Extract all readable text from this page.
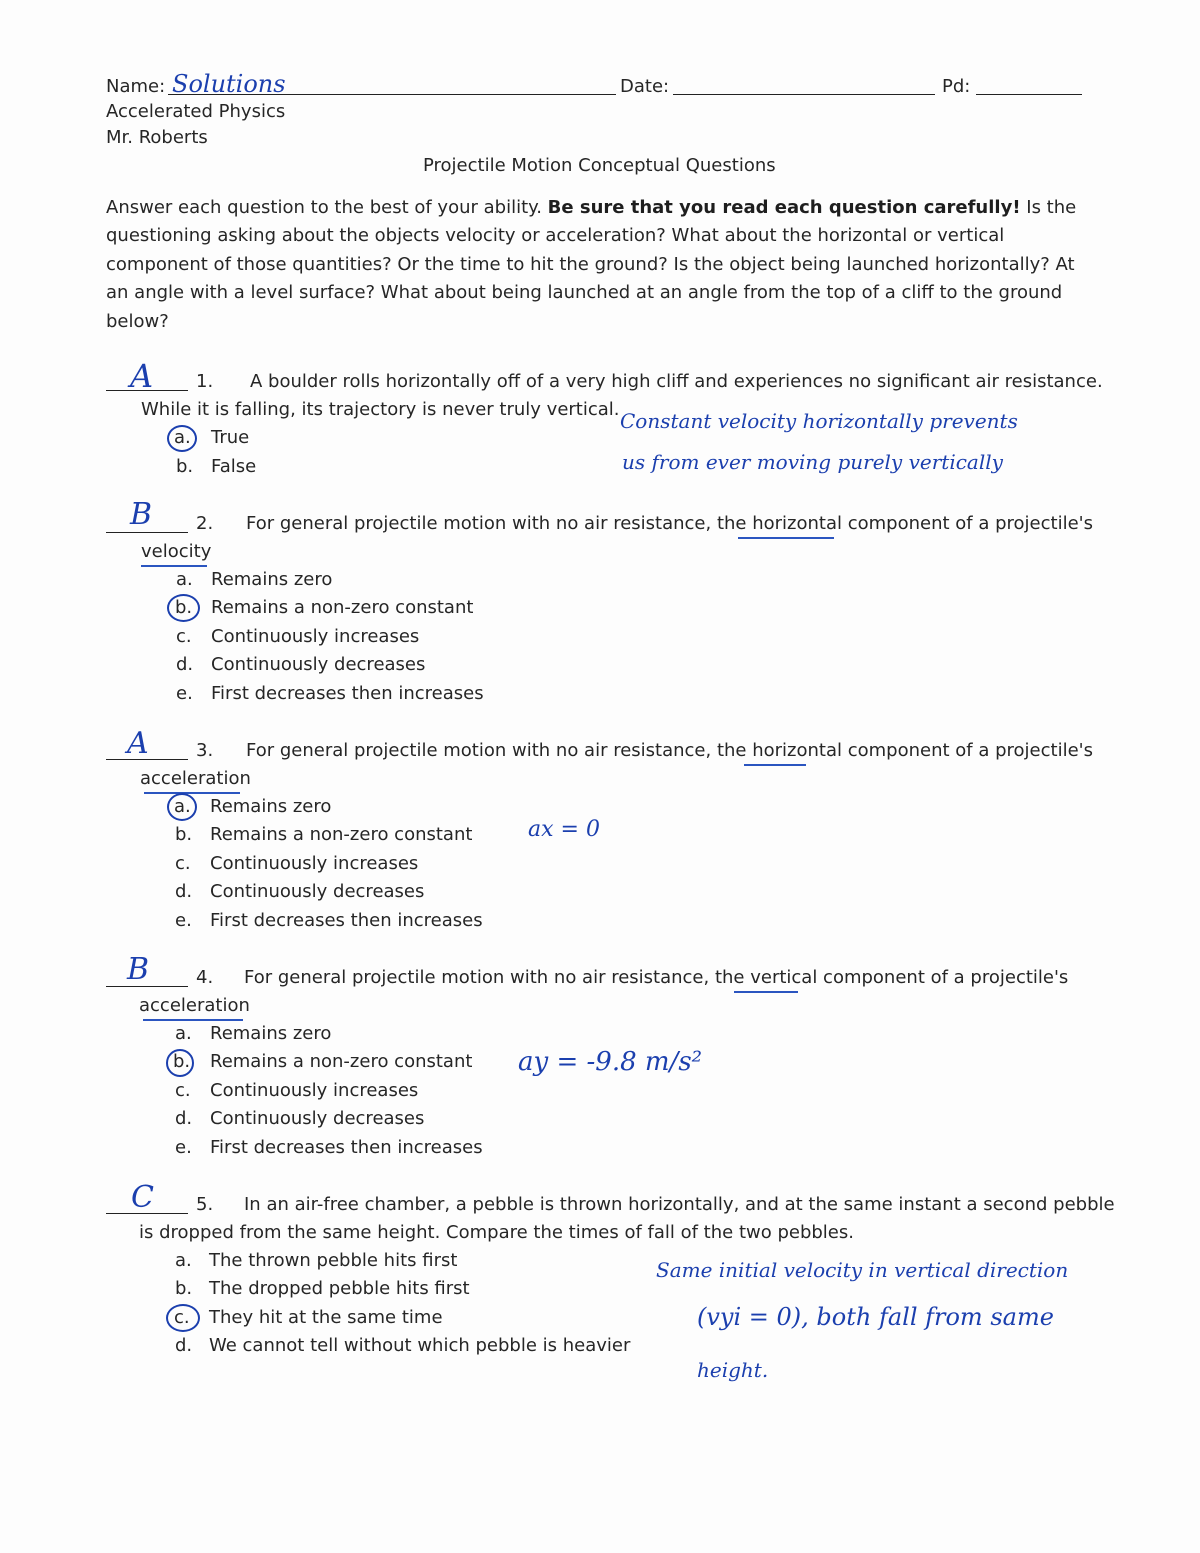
Name: Solutions	Date:	Pd:
Accelerated Physics
Mr. Roberts
Projectile Motion Conceptual Questions
Answer each question to the best of your ability. Be sure that you read each question carefully! Is the questioning asking about the objects velocity or acceleration? What about the horizontal or vertical component of those quantities? Or the time to hit the ground? Is the object being launched horizontally? At an angle with a level surface? What about being launched at an angle from the top of a cliff to the ground below?
A 1. A boulder rolls horizontally off of a very high cliff and experiences no significant air resistance.
While it is falling, its trajectory is never truly vertical.
a. True
b. False
Constant velocity horizontally prevents
us from ever moving purely vertically
B 2. For general projectile motion with no air resistance, the horizontal component of a projectile's
velocity
a. Remains zero
b. Remains a non-zero constant
c. Continuously increases
d. Continuously decreases
e. First decreases then increases
A	3. For general projectile motion with no air resistance, the horizontal component of a projectile's
acceleration
a. Remains zero
b. Remains a non-zero constant
c. Continuously increases
d. Continuously decreases
e. First decreases then increases
ax = 0
B	4. For general projectile motion with no air resistance, the vertical component of a projectile's
acceleration
a. Remains zero
b. Remains a non-zero constant
c. Continuously increases
d. Continuously decreases
e. First decreases then increases
ay = -9.8 m/s²
C 5. In an air-free chamber, a pebble is thrown horizontally, and at the same instant a second pebble
is dropped from the same height. Compare the times of fall of the two pebbles.
a. The thrown pebble hits first
b. The dropped pebble hits first
c. They hit at the same time
d. We cannot tell without which pebble is heavier
Same initial velocity in vertical direction
(vyi = 0), both fall from same
height.
